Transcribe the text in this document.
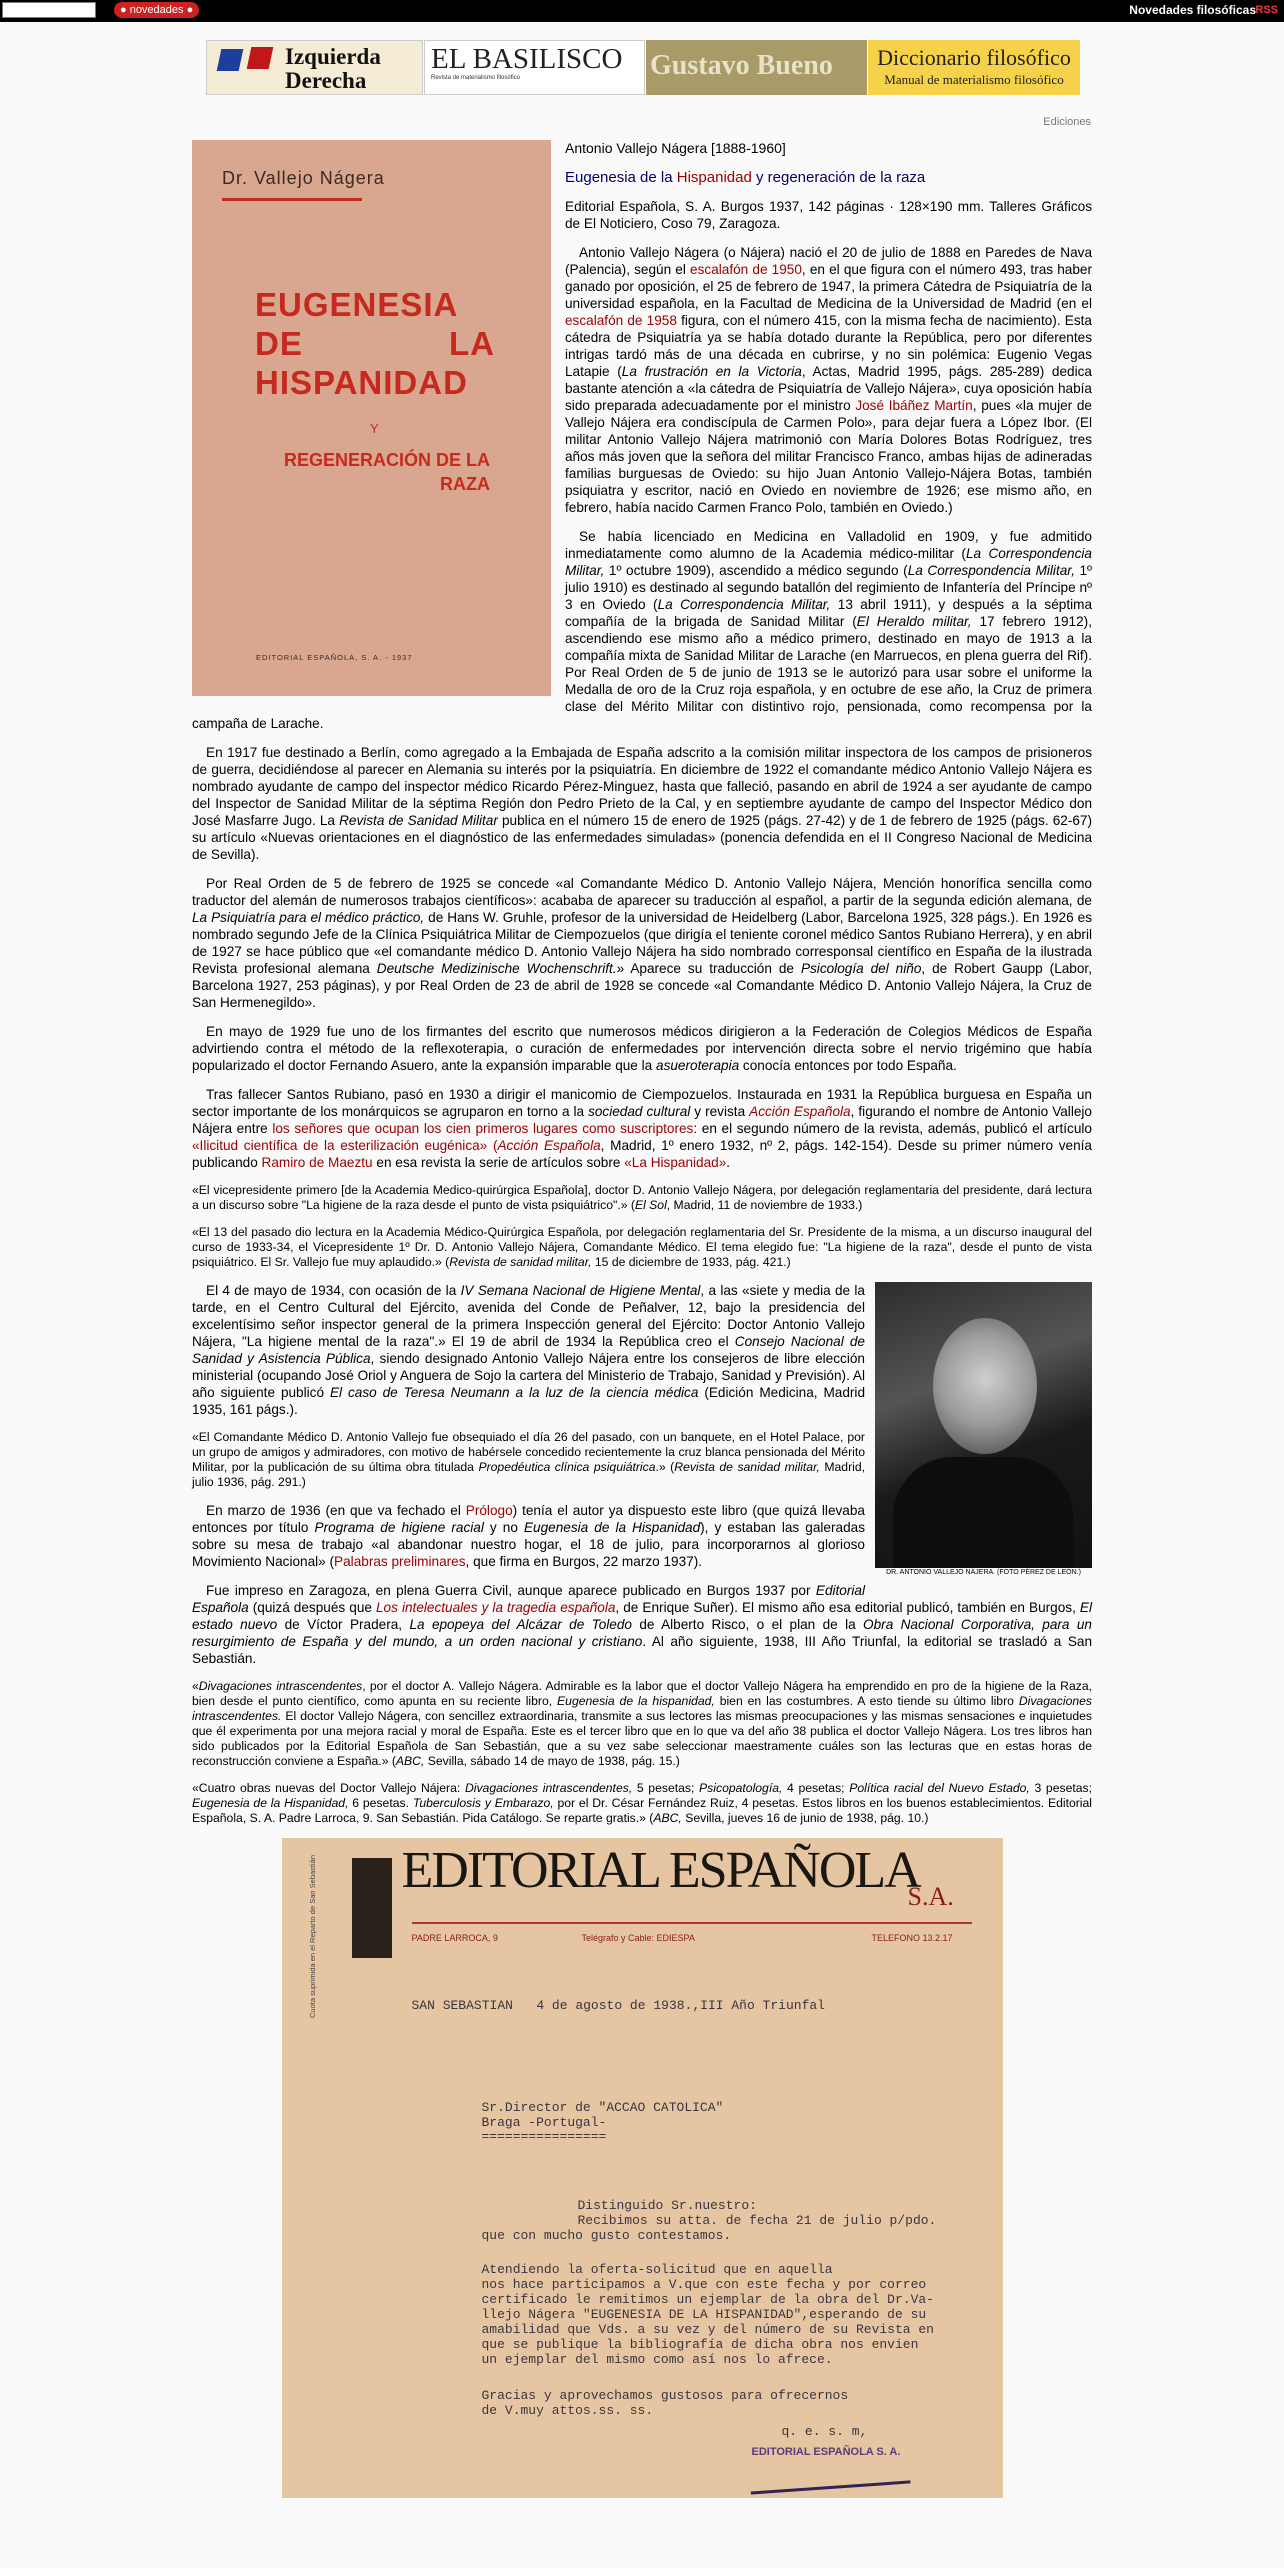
● novedades ●	Novedades filosóficas RSS
Izquierda Derecha
EL BASILISCO
Revista de materialismo filosófico	Gustavo Bueno	Diccionario filosófico
Manual de materialismo filosófico
Ediciones
Dr. Vallejo Nágera
EUGENESIA DE LA HISPANIDAD
Y
REGENERACIÓN DE LA RAZA
EDITORIAL ESPAÑOLA, S. A. - 1937

Antonio Vallejo Nágera [1888-1960]

Eugenesia de la Hispanidad y regeneración de la raza

Editorial Española, S. A. Burgos 1937, 142 páginas · 128×190 mm. Talleres Gráficos de El Noticiero, Coso 79, Zaragoza.

Antonio Vallejo Nágera (o Nájera) nació el 20 de julio de 1888 en Paredes de Nava (Palencia), según el escalafón de 1950, en el que figura con el número 493, tras haber ganado por oposición, el 25 de febrero de 1947, la primera Cátedra de Psiquiatría de la universidad española, en la Facultad de Medicina de la Universidad de Madrid (en el escalafón de 1958 figura, con el número 415, con la misma fecha de nacimiento). Esta cátedra de Psiquiatría ya se había dotado durante la República, pero por diferentes intrigas tardó más de una década en cubrirse, y no sin polémica: Eugenio Vegas Latapie (La frustración en la Victoria, Actas, Madrid 1995, págs. 285-289) dedica bastante atención a «la cátedra de Psiquiatría de Vallejo Nájera», cuya oposición había sido preparada adecuadamente por el ministro José Ibáñez Martín, pues «la mujer de Vallejo Nájera era condiscípula de Carmen Polo», para dejar fuera a López Ibor. (El militar Antonio Vallejo Nájera matrimonió con María Dolores Botas Rodríguez, tres años más joven que la señora del militar Francisco Franco, ambas hijas de adineradas familias burguesas de Oviedo: su hijo Juan Antonio Vallejo-Nájera Botas, también psiquiatra y escritor, nació en Oviedo en noviembre de 1926; ese mismo año, en febrero, había nacido Carmen Franco Polo, también en Oviedo.)

Se había licenciado en Medicina en Valladolid en 1909, y fue admitido inmediatamente como alumno de la Academia médico-militar (La Correspondencia Militar, 1º octubre 1909), ascendido a médico segundo (La Correspondencia Militar, 1º julio 1910) es destinado al segundo batallón del regimiento de Infantería del Príncipe nº 3 en Oviedo (La Correspondencia Militar, 13 abril 1911), y después a la séptima compañía de la brigada de Sanidad Militar (El Heraldo militar, 17 febrero 1912), ascendiendo ese mismo año a médico primero, destinado en mayo de 1913 a la compañía mixta de Sanidad Militar de Larache (en Marruecos, en plena guerra del Rif). Por Real Orden de 5 de junio de 1913 se le autorizó para usar sobre el uniforme la Medalla de oro de la Cruz roja española, y en octubre de ese año, la Cruz de primera clase del Mérito Militar con distintivo rojo, pensionada, como recompensa por la campaña de Larache.

En 1917 fue destinado a Berlín, como agregado a la Embajada de España adscrito a la comisión militar inspectora de los campos de prisioneros de guerra, decidiéndose al parecer en Alemania su interés por la psiquiatría. En diciembre de 1922 el comandante médico Antonio Vallejo Nájera es nombrado ayudante de campo del inspector médico Ricardo Pérez-Minguez, hasta que falleció, pasando en abril de 1924 a ser ayudante de campo del Inspector de Sanidad Militar de la séptima Región don Pedro Prieto de la Cal, y en septiembre ayudante de campo del Inspector Médico don José Masfarre Jugo. La Revista de Sanidad Militar publica en el número 15 de enero de 1925 (págs. 27-42) y de 1 de febrero de 1925 (págs. 62-67) su artículo «Nuevas orientaciones en el diagnóstico de las enfermedades simuladas» (ponencia defendida en el II Congreso Nacional de Medicina de Sevilla).

Por Real Orden de 5 de febrero de 1925 se concede «al Comandante Médico D. Antonio Vallejo Nájera, Mención honorífica sencilla como traductor del alemán de numerosos trabajos científicos»: acababa de aparecer su traducción al español, a partir de la segunda edición alemana, de La Psiquiatría para el médico práctico, de Hans W. Gruhle, profesor de la universidad de Heidelberg (Labor, Barcelona 1925, 328 págs.). En 1926 es nombrado segundo Jefe de la Clínica Psiquiátrica Militar de Ciempozuelos (que dirigía el teniente coronel médico Santos Rubiano Herrera), y en abril de 1927 se hace público que «el comandante médico D. Antonio Vallejo Nájera ha sido nombrado corresponsal científico en España de la ilustrada Revista profesional alemana Deutsche Medizinische Wochenschrift.» Aparece su traducción de Psicología del niño, de Robert Gaupp (Labor, Barcelona 1927, 253 páginas), y por Real Orden de 23 de abril de 1928 se concede «al Comandante Médico D. Antonio Vallejo Nájera, la Cruz de San Hermenegildo».

En mayo de 1929 fue uno de los firmantes del escrito que numerosos médicos dirigieron a la Federación de Colegios Médicos de España advirtiendo contra el método de la reflexoterapia, o curación de enfermedades por intervención directa sobre el nervio trigémino que había popularizado el doctor Fernando Asuero, ante la expansión imparable que la asueroterapia conocía entonces por todo España.

Tras fallecer Santos Rubiano, pasó en 1930 a dirigir el manicomio de Ciempozuelos. Instaurada en 1931 la República burguesa en España un sector importante de los monárquicos se agruparon en torno a la sociedad cultural y revista Acción Española, figurando el nombre de Antonio Vallejo Nájera entre los señores que ocupan los cien primeros lugares como suscriptores: en el segundo número de la revista, además, publicó el artículo «Ilicitud científica de la esterilización eugénica» (Acción Española, Madrid, 1º enero 1932, nº 2, págs. 142-154). Desde su primer número venía publicando Ramiro de Maeztu en esa revista la serie de artículos sobre «La Hispanidad».

«El vicepresidente primero [de la Academia Medico-quirúrgica Española], doctor D. Antonio Vallejo Nágera, por delegación reglamentaria del presidente, dará lectura a un discurso sobre "La higiene de la raza desde el punto de vista psiquiátrico".» (El Sol, Madrid, 11 de noviembre de 1933.)

«El 13 del pasado dio lectura en la Academia Médico-Quirúrgica Española, por delegación reglamentaria del Sr. Presidente de la misma, a un discurso inaugural del curso de 1933-34, el Vicepresidente 1º Dr. D. Antonio Vallejo Nájera, Comandante Médico. El tema elegido fue: "La higiene de la raza", desde el punto de vista psiquiátrico. El Sr. Vallejo fue muy aplaudido.» (Revista de sanidad militar, 15 de diciembre de 1933, pág. 421.)

DR. ANTONIO VALLEJO NÁJERA. (FOTO PÉREZ DE LEÓN.)

El 4 de mayo de 1934, con ocasión de la IV Semana Nacional de Higiene Mental, a las «siete y media de la tarde, en el Centro Cultural del Ejército, avenida del Conde de Peñalver, 12, bajo la presidencia del excelentísimo señor inspector general de la primera Inspección general del Ejército: Doctor Antonio Vallejo Nájera, "La higiene mental de la raza".» El 19 de abril de 1934 la República creo el Consejo Nacional de Sanidad y Asistencia Pública, siendo designado Antonio Vallejo Nájera entre los consejeros de libre elección ministerial (ocupando José Oriol y Anguera de Sojo la cartera del Ministerio de Trabajo, Sanidad y Previsión). Al año siguiente publicó El caso de Teresa Neumann a la luz de la ciencia médica (Edición Medicina, Madrid 1935, 161 págs.).

«El Comandante Médico D. Antonio Vallejo fue obsequiado el día 26 del pasado, con un banquete, en el Hotel Palace, por un grupo de amigos y admiradores, con motivo de habérsele concedido recientemente la cruz blanca pensionada del Mérito Militar, por la publicación de su última obra titulada Propedéutica clínica psiquiátrica.» (Revista de sanidad militar, Madrid, julio 1936, pág. 291.)

En marzo de 1936 (en que va fechado el Prólogo) tenía el autor ya dispuesto este libro (que quizá llevaba entonces por título Programa de higiene racial y no Eugenesia de la Hispanidad), y estaban las galeradas sobre su mesa de trabajo «al abandonar nuestro hogar, el 18 de julio, para incorporarnos al glorioso Movimiento Nacional» (Palabras preliminares, que firma en Burgos, 22 marzo 1937).

Fue impreso en Zaragoza, en plena Guerra Civil, aunque aparece publicado en Burgos 1937 por Editorial Española (quizá después que Los intelectuales y la tragedia española, de Enrique Suñer). El mismo año esa editorial publicó, también en Burgos, El estado nuevo de Víctor Pradera, La epopeya del Alcázar de Toledo de Alberto Risco, o el plan de la Obra Nacional Corporativa, para un resurgimiento de España y del mundo, a un orden nacional y cristiano. Al año siguiente, 1938, III Año Triunfal, la editorial se trasladó a San Sebastián.

«Divagaciones intrascendentes, por el doctor A. Vallejo Nágera. Admirable es la labor que el doctor Vallejo Nágera ha emprendido en pro de la higiene de la Raza, bien desde el punto científico, como apunta en su reciente libro, Eugenesia de la hispanidad, bien en las costumbres. A esto tiende su último libro Divagaciones intrascendentes. El doctor Vallejo Nágera, con sencillez extraordinaria, transmite a sus lectores las mismas preocupaciones y las mismas sensaciones e inquietudes que él experimenta por una mejora racial y moral de España. Este es el tercer libro que en lo que va del año 38 publica el doctor Vallejo Nágera. Los tres libros han sido publicados por la Editorial Española de San Sebastián, que a su vez sabe seleccionar maestramente cuáles son las lecturas que en estas horas de reconstrucción conviene a España.» (ABC, Sevilla, sábado 14 de mayo de 1938, pág. 15.)

«Cuatro obras nuevas del Doctor Vallejo Nájera: Divagaciones intrascendentes, 5 pesetas; Psicopatología, 4 pesetas; Política racial del Nuevo Estado, 3 pesetas; Eugenesia de la Hispanidad, 6 pesetas. Tuberculosis y Embarazo, por el Dr. César Fernández Ruiz, 4 pesetas. Estos libros en los buenos establecimientos. Editorial Española, S. A. Padre Larroca, 9. San Sebastián. Pida Catálogo. Se reparte gratis.» (ABC, Sevilla, jueves 16 de junio de 1938, pág. 10.)

EDITORIAL ESPAÑOLA
S.A.
PADRE LARROCA, 9	Telégrafo y Cable: EDIESPA	TELEFONO 13.2.17
Cuota suprimida en el Reparto de San Sebastián	SAN SEBASTIAN   4 de agosto de 1938.,III Año Triunfal
Sr.Director de "ACCAO CATOLICA"
Braga -Portugal-
================
Distinguido Sr.nuestro:
Recibimos su atta. de fecha 21 de julio p/pdo.
que con mucho gusto contestamos.
Atendiendo la oferta-solicitud que en aquella
nos hace participamos a V.que con este fecha y por correo
certificado le remitimos un ejemplar de la obra del Dr.Va-
llejo Nágera "EUGENESIA DE LA HISPANIDAD",esperando de su
amabilidad que Vds. a su vez y del número de su Revista en
que se publique la bibliografía de dicha obra nos envien
un ejemplar del mismo como así nos lo afrece.
Gracias y aprovechamos gustosos para ofrecernos
de V.muy attos.ss. ss.
q. e. s. m,
EDITORIAL ESPAÑOLA S. A.
